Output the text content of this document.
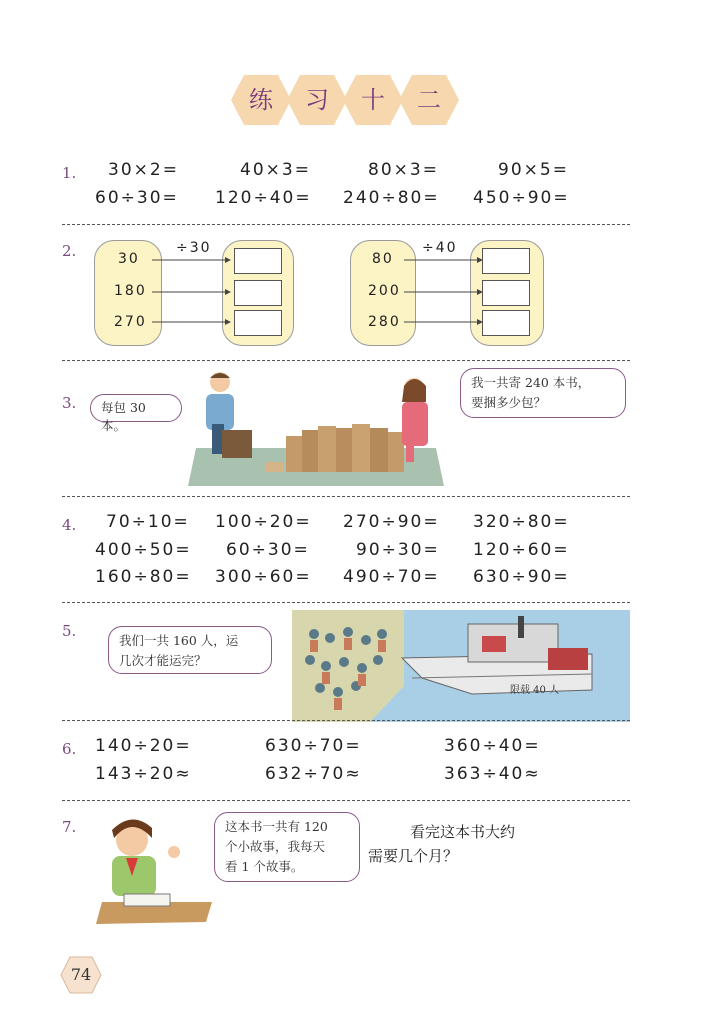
练	习	十	二
1. 30×2=	40×3=	80×3=	90×5=
60÷30= 120÷40= 240÷80= 450÷90=
2.	÷30
30
180
270
÷40
80
200
280
3.	每包 30 本。
我一共寄 240 本书，
要捆多少包？
4. 70÷10= 100÷20= 270÷90= 320÷80=
400÷50= 60÷30=	90÷30= 120÷60=
160÷80= 300÷60= 490÷70= 630÷90=
5.
我们一共 160 人，运
几次才能运完？
限载 40 人
6. 140÷20=	630÷70=	360÷40=
143÷20≈	632÷70≈	363÷40≈
7.	这本书一共有 120
个小故事，我每天
看 1 个故事。
看完这本书大约
需要几个月？
74
